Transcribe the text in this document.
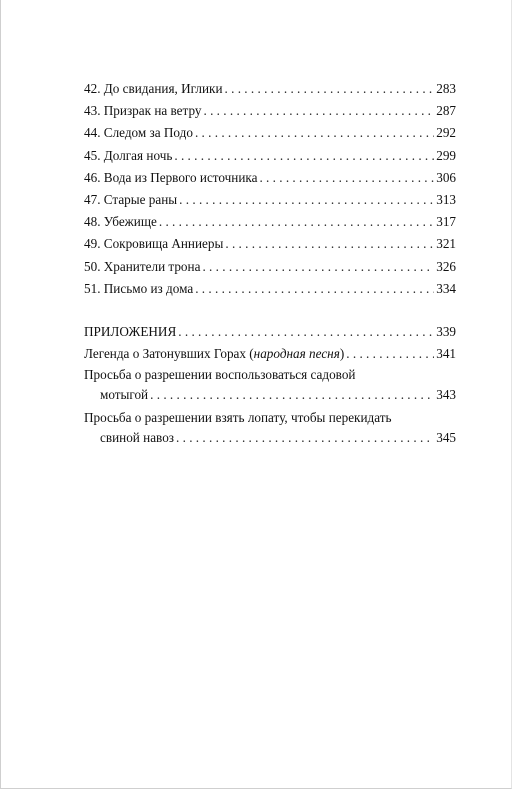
42. До свидания, Иглики . . .	283
43. Призрак на ветру . . .	287
44. Следом за Подо . . .	292
45. Долгая ночь . . .	299
46. Вода из Первого источника . . .	306
47. Старые раны . . .	313
48. Убежище . . .	317
49. Сокровища Анниеры . . .	321
50. Хранители трона . . .	326
51. Письмо из дома . . .	334
ПРИЛОЖЕНИЯ . . .	339
Легенда о Затонувших Горах (народная песня) . . .	341
Просьба о разрешении воспользоваться садовой
мотыгой . . .	343
Просьба о разрешении взять лопату, чтобы перекидать
свиной навоз . . .	345
